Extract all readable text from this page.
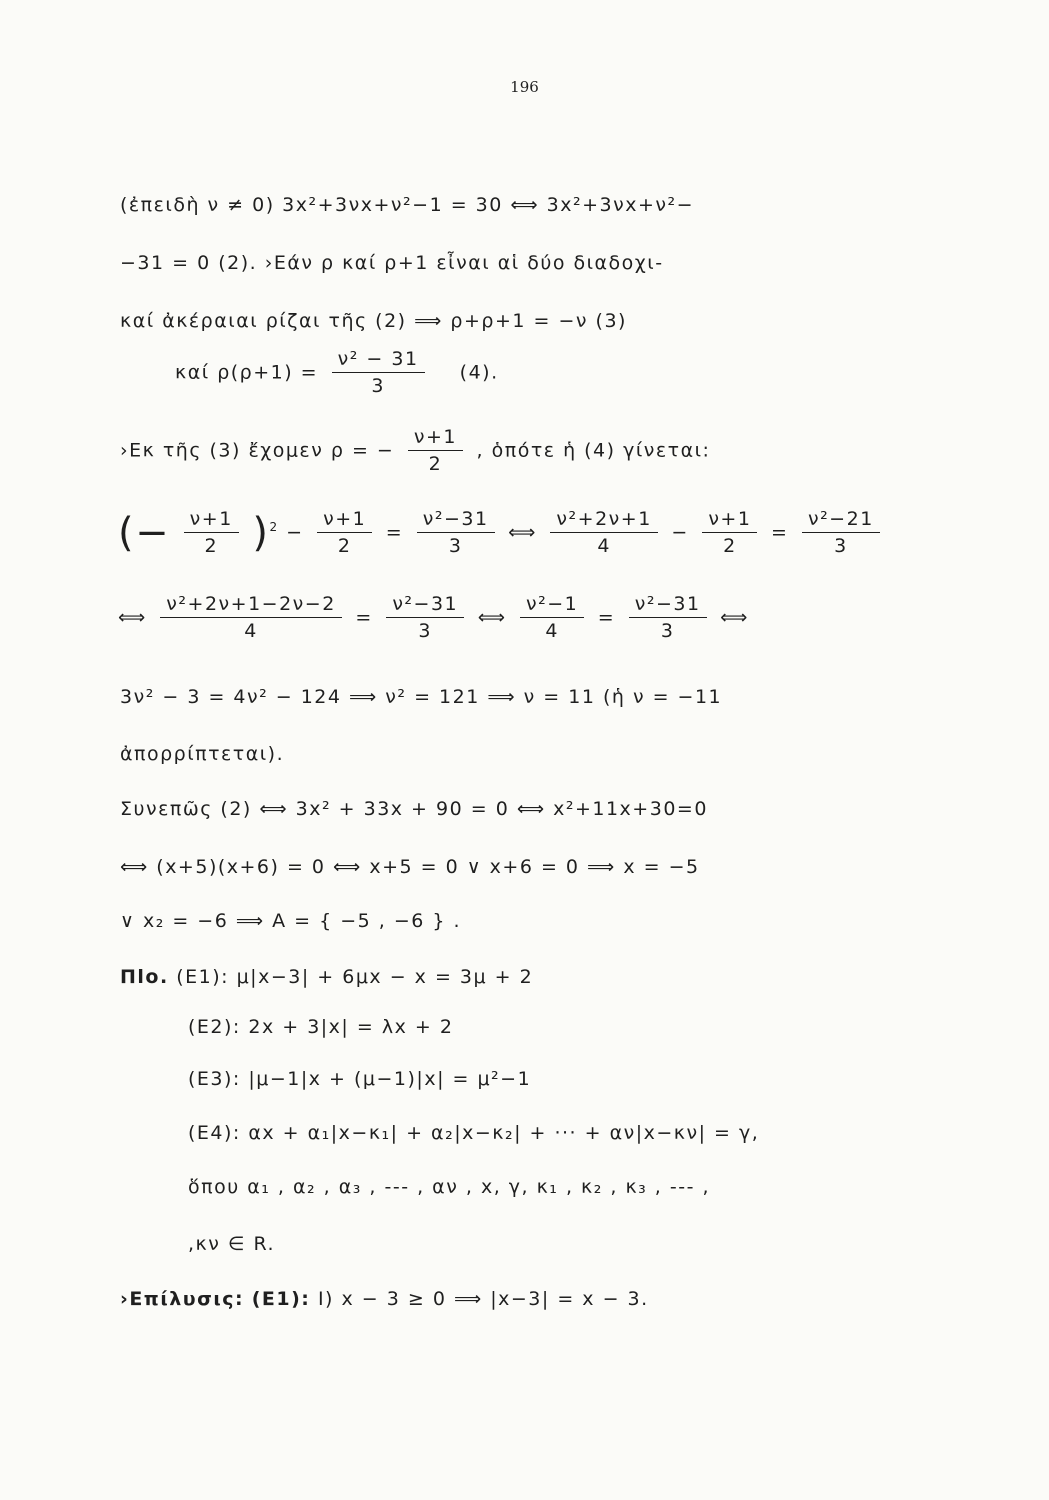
196
(ἐπειδὴ ν ≠ 0) 3x²+3νx+ν²−1 = 30 ⟺ 3x²+3νx+ν²−
−31 = 0 (2). ›Εάν ρ καί ρ+1 εἶναι αἱ δύο διαδοχι-
καί ἀκέραιαι ρίζαι τῆς (2) ⟹ ρ+ρ+1 = −ν (3)
καί $\rho(\rho+1) = \frac{\text{ν² − 31}}{3} (4)$.
›Εκ τῆς (3) ἔχομεν ρ = − $\frac{\nu+1}{2}$ , ὁπότε ἡ (4) γίνεται:
(− $\frac{\nu+1}{2} )^2 - \frac{\nu+1}{2} = \frac{\text{ν²−31}}{3}$ ⟺ $\frac{\text{ν²+2ν+1}}{4} - \frac{\nu+1}{2} = \frac{\text{ν²−21}}{3}$
⟺ $\frac{\text{ν²+2ν+1−2ν−2}}{4} = \frac{\text{ν²−31}}{3}$ ⟺ $\frac{\text{ν²−1}}{4} = \frac{\text{ν²−31}}{3}$ ⟺
3ν² − 3 = 4ν² − 124 ⟹ ν² = 121 ⟹ ν = 11 (ἡ ν = −11
ἀπορρίπτεται).
Συνεπῶς (2) ⟺ 3x² + 33x + 90 = 0 ⟺ x²+11x+30=0
⟺ (x+5)(x+6) = 0 ⟺ x+5 = 0 ∨ x+6 = 0 ⟹ x = −5
∨ x₂ = −6 ⟹ A = { −5 , −6 } .
Πlo. (Ε1): μ|x−3| + 6μx − x = 3μ + 2
(Ε2): 2x + 3|x| = λx + 2
(Ε3): |μ−1|x + (μ−1)|x| = μ²−1
(Ε4): αx + α₁|x−κ₁| + α₂|x−κ₂| + ··· + αν|x−κν| = γ,
ὅπου α₁ , α₂ , α₃ , --- , αν , x, γ, κ₁ , κ₂ , κ₃ , --- ,
,κν ∈ R.
›Επίλυσις: (Ε1): I) x − 3 ≥ 0 ⟹ |x−3| = x − 3.
